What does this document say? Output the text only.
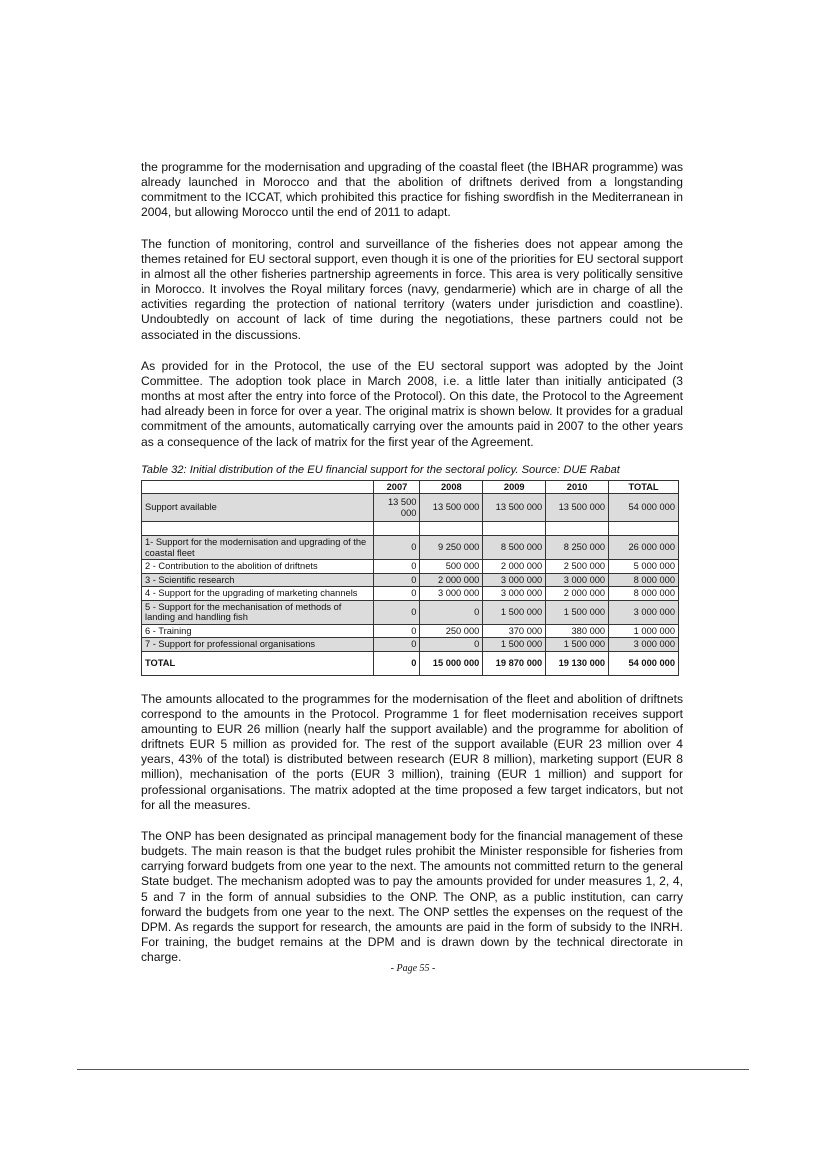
the programme for the modernisation and upgrading of the coastal fleet (the IBHAR programme) was already launched in Morocco and that the abolition of driftnets derived from a longstanding commitment to the ICCAT, which prohibited this practice for fishing swordfish in the Mediterranean in 2004, but allowing Morocco until the end of 2011 to adapt.

The function of monitoring, control and surveillance of the fisheries does not appear among the themes retained for EU sectoral support, even though it is one of the priorities for EU sectoral support in almost all the other fisheries partnership agreements in force. This area is very politically sensitive in Morocco. It involves the Royal military forces (navy, gendarmerie) which are in charge of all the activities regarding the protection of national territory (waters under jurisdiction and coastline). Undoubtedly on account of lack of time during the negotiations, these partners could not be associated in the discussions.

As provided for in the Protocol, the use of the EU sectoral support was adopted by the Joint Committee. The adoption took place in March 2008, i.e. a little later than initially anticipated (3 months at most after the entry into force of the Protocol). On this date, the Protocol to the Agreement had already been in force for over a year. The original matrix is shown below. It provides for a gradual commitment of the amounts, automatically carrying over the amounts paid in 2007 to the other years as a consequence of the lack of matrix for the first year of the Agreement.

Table 32: Initial distribution of the EU financial support for the sectoral policy. Source: DUE Rabat
	2007	2008	2009	2010	TOTAL
Support available	13 500 000	13 500 000	13 500 000	13 500 000	54 000 000

1- Support for the modernisation and upgrading of the coastal fleet	0	9 250 000	8 500 000	8 250 000	26 000 000
2 - Contribution to the abolition of driftnets	0	500 000	2 000 000	2 500 000	5 000 000
3 - Scientific research	0	2 000 000	3 000 000	3 000 000	8 000 000
4 - Support for the upgrading of marketing channels	0	3 000 000	3 000 000	2 000 000	8 000 000
5 - Support for the mechanisation of methods of landing and handling fish	0	0	1 500 000	1 500 000	3 000 000
6 - Training	0	250 000	370 000	380 000	1 000 000
7 - Support for professional organisations	0	0	1 500 000	1 500 000	3 000 000
TOTAL	0	15 000 000	19 870 000	19 130 000	54 000 000

The amounts allocated to the programmes for the modernisation of the fleet and abolition of driftnets correspond to the amounts in the Protocol. Programme 1 for fleet modernisation receives support amounting to EUR 26 million (nearly half the support available) and the programme for abolition of driftnets EUR 5 million as provided for. The rest of the support available (EUR 23 million over 4 years, 43% of the total) is distributed between research (EUR 8 million), marketing support (EUR 8 million), mechanisation of the ports (EUR 3 million), training (EUR 1 million) and support for professional organisations. The matrix adopted at the time proposed a few target indicators, but not for all the measures.

The ONP has been designated as principal management body for the financial management of these budgets. The main reason is that the budget rules prohibit the Minister responsible for fisheries from carrying forward budgets from one year to the next. The amounts not committed return to the general State budget. The mechanism adopted was to pay the amounts provided for under measures 1, 2, 4, 5 and 7 in the form of annual subsidies to the ONP. The ONP, as a public institution, can carry forward the budgets from one year to the next. The ONP settles the expenses on the request of the DPM. As regards the support for research, the amounts are paid in the form of subsidy to the INRH. For training, the budget remains at the DPM and is drawn down by the technical directorate in charge.

- Page 55 -
